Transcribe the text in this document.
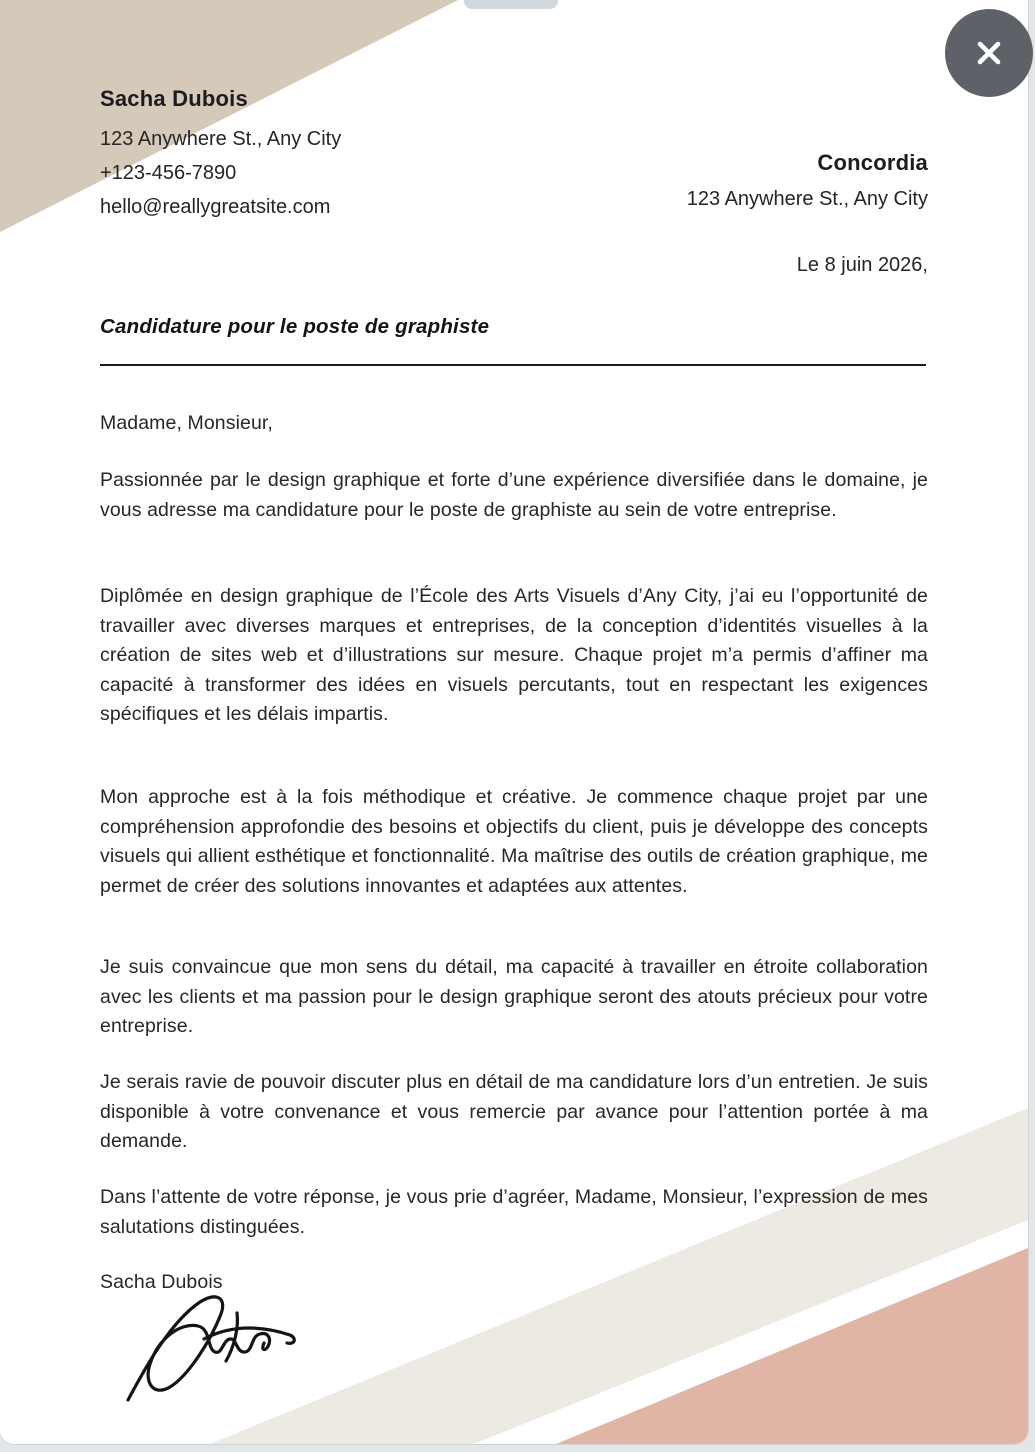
Sacha Dubois
123 Anywhere St., Any City
+123-456-7890
hello@reallygreatsite.com
Concordia
123 Anywhere St., Any City
Le 8 juin 2026,
Candidature pour le poste de graphiste
Madame, Monsieur,
Passionnée par le design graphique et forte d’une expérience diversifiée dans le domaine, je vous adresse ma candidature pour le poste de graphiste au sein de votre entreprise.
Diplômée en design graphique de l’École des Arts Visuels d’Any City, j’ai eu l’opportunité de travailler avec diverses marques et entreprises, de la conception d’identités visuelles à la création de sites web et d’illustrations sur mesure. Chaque projet m’a permis d’affiner ma capacité à transformer des idées en visuels percutants, tout en respectant les exigences spécifiques et les délais impartis.
Mon approche est à la fois méthodique et créative. Je commence chaque projet par une compréhension approfondie des besoins et objectifs du client, puis je développe des concepts visuels qui allient esthétique et fonctionnalité. Ma maîtrise des outils de création graphique, me permet de créer des solutions innovantes et adaptées aux attentes.
Je suis convaincue que mon sens du détail, ma capacité à travailler en étroite collaboration avec les clients et ma passion pour le design graphique seront des atouts précieux pour votre entreprise.
Je serais ravie de pouvoir discuter plus en détail de ma candidature lors d’un entretien. Je suis disponible à votre convenance et vous remercie par avance pour l’attention portée à ma demande.
Dans l’attente de votre réponse, je vous prie d’agréer, Madame, Monsieur, l’expression de mes salutations distinguées.
Sacha Dubois
